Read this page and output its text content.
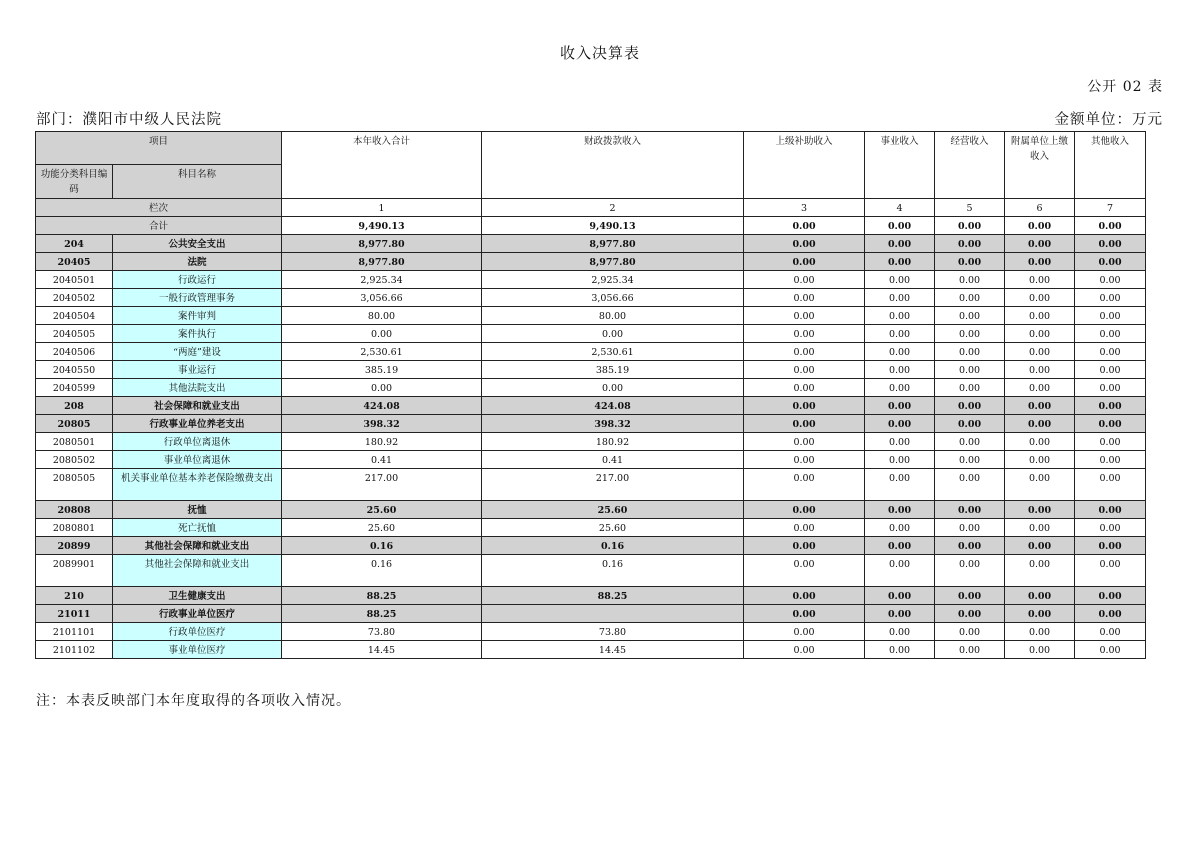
收入决算表
公开 02 表
部门：濮阳市中级人民法院	金额单位：万元
项目		本年收入合计	财政拨款收入	上级补助收入	事业收入	经营收入	附属单位上缴收入	其他收入
功能分类科目编码	科目名称							
栏次		1	2	3	4	5	6	7
合计		9,490.13	9,490.13	0.00	0.00	0.00	0.00	0.00
204	公共安全支出	8,977.80	8,977.80	0.00	0.00	0.00	0.00	0.00
20405	法院	8,977.80	8,977.80	0.00	0.00	0.00	0.00	0.00
2040501	行政运行	2,925.34	2,925.34	0.00	0.00	0.00	0.00	0.00
2040502	一般行政管理事务	3,056.66	3,056.66	0.00	0.00	0.00	0.00	0.00
2040504	案件审判	80.00	80.00	0.00	0.00	0.00	0.00	0.00
2040505	案件执行	0.00	0.00	0.00	0.00	0.00	0.00	0.00
2040506	“两庭”建设	2,530.61	2,530.61	0.00	0.00	0.00	0.00	0.00
2040550	事业运行	385.19	385.19	0.00	0.00	0.00	0.00	0.00
2040599	其他法院支出	0.00	0.00	0.00	0.00	0.00	0.00	0.00
208	社会保障和就业支出	424.08	424.08	0.00	0.00	0.00	0.00	0.00
20805	行政事业单位养老支出	398.32	398.32	0.00	0.00	0.00	0.00	0.00
2080501	行政单位离退休	180.92	180.92	0.00	0.00	0.00	0.00	0.00
2080502	事业单位离退休	0.41	0.41	0.00	0.00	0.00	0.00	0.00
2080505	机关事业单位基本养老保险缴费支出	217.00	217.00	0.00	0.00	0.00	0.00	0.00
20808	抚恤	25.60	25.60	0.00	0.00	0.00	0.00	0.00
2080801	死亡抚恤	25.60	25.60	0.00	0.00	0.00	0.00	0.00
20899	其他社会保障和就业支出	0.16	0.16	0.00	0.00	0.00	0.00	0.00
2089901	其他社会保障和就业支出	0.16	0.16	0.00	0.00	0.00	0.00	0.00
210	卫生健康支出	88.25	88.25	0.00	0.00	0.00	0.00	0.00
21011	行政事业单位医疗	88.25		0.00	0.00	0.00	0.00	0.00
2101101	行政单位医疗	73.80	73.80	0.00	0.00	0.00	0.00	0.00
2101102	事业单位医疗	14.45	14.45	0.00	0.00	0.00	0.00	0.00
注：本表反映部门本年度取得的各项收入情况。
